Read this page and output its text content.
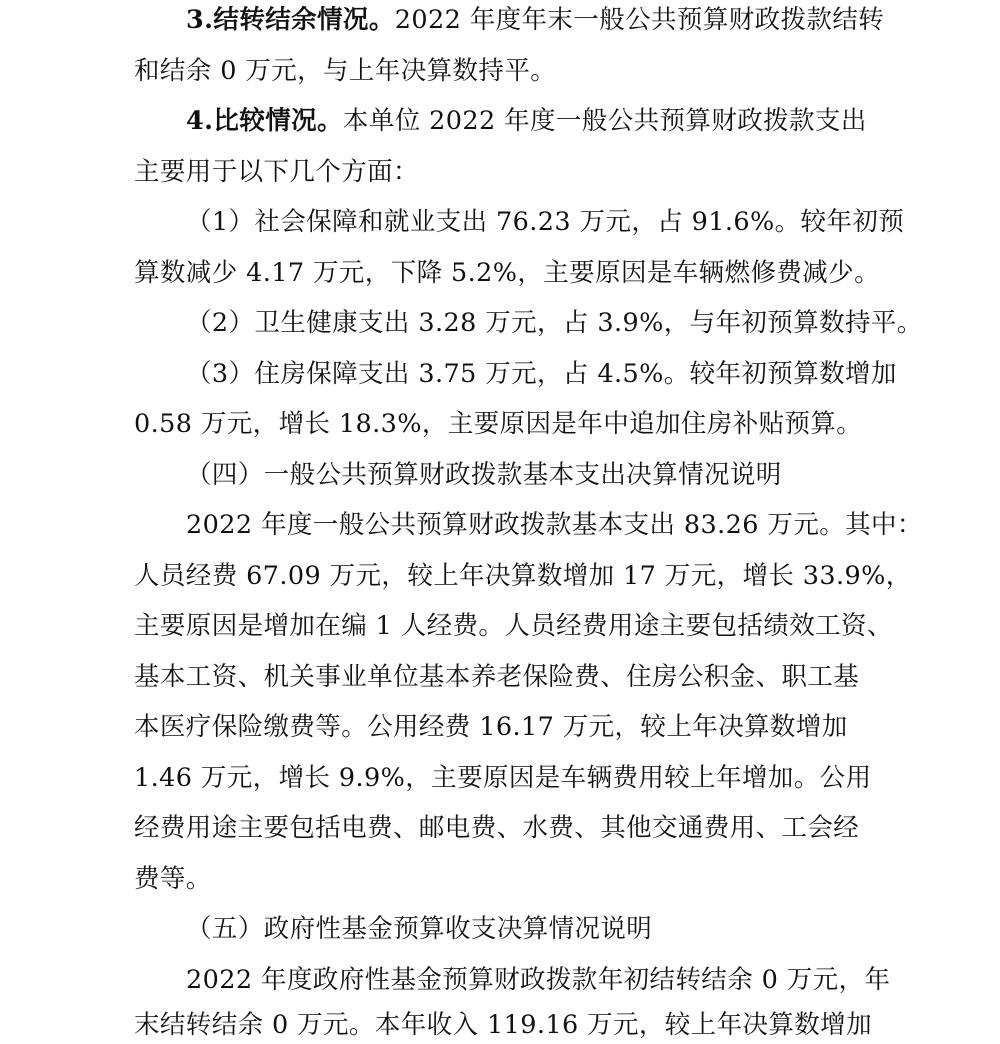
3.结转结余情况。2022 年度年末一般公共预算财政拨款结转
和结余 0 万元，与上年决算数持平。
4.比较情况。本单位 2022 年度一般公共预算财政拨款支出
主要用于以下几个方面：
（1）社会保障和就业支出 76.23 万元，占 91.6%。较年初预
算数减少 4.17 万元，下降 5.2%，主要原因是车辆燃修费减少。
（2）卫生健康支出 3.28 万元，占 3.9%，与年初预算数持平。
（3）住房保障支出 3.75 万元，占 4.5%。较年初预算数增加
0.58 万元，增长 18.3%，主要原因是年中追加住房补贴预算。
（四）一般公共预算财政拨款基本支出决算情况说明
2022 年度一般公共预算财政拨款基本支出 83.26 万元。其中：
人员经费 67.09 万元，较上年决算数增加 17 万元，增长 33.9%，
主要原因是增加在编 1 人经费。人员经费用途主要包括绩效工资、
基本工资、机关事业单位基本养老保险费、住房公积金、职工基
本医疗保险缴费等。公用经费 16.17 万元，较上年决算数增加
1.46 万元，增长 9.9%，主要原因是车辆费用较上年增加。公用
经费用途主要包括电费、邮电费、水费、其他交通费用、工会经
费等。
（五）政府性基金预算收支决算情况说明
2022 年度政府性基金预算财政拨款年初结转结余 0 万元，年
末结转结余 0 万元。本年收入 119.16 万元，较上年决算数增加
